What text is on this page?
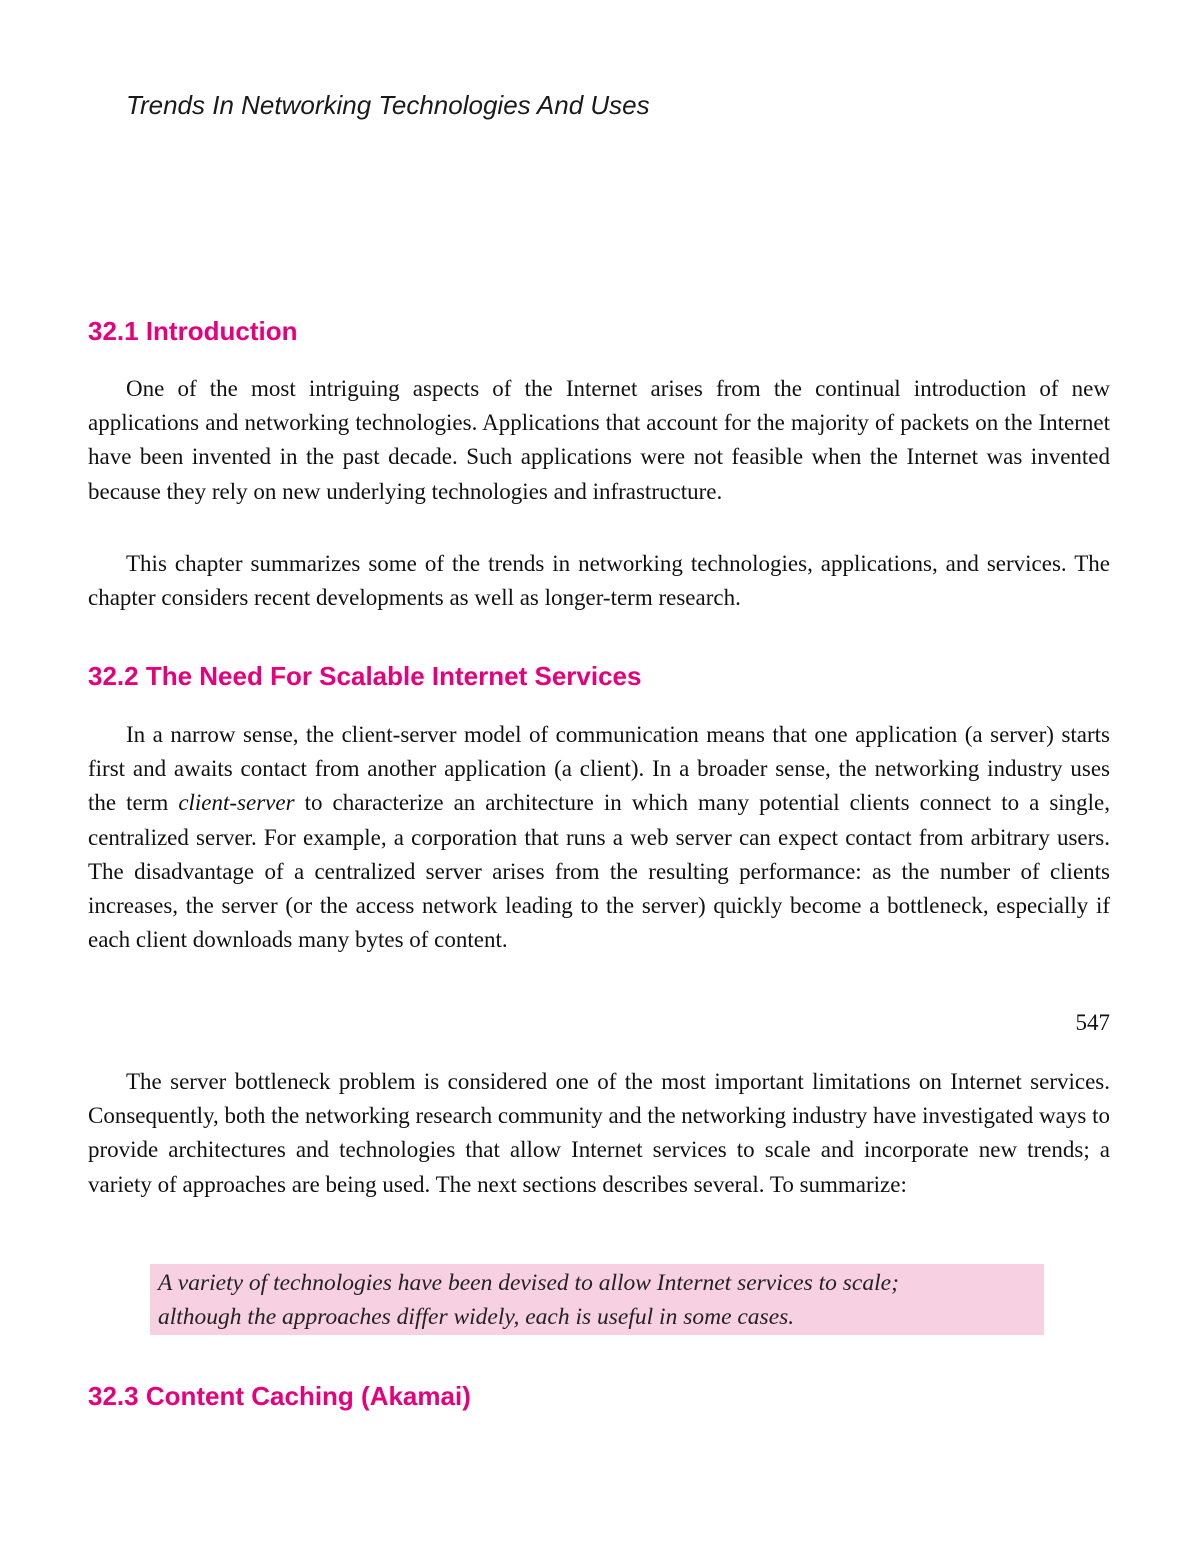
Trends In Networking Technologies And Uses
32.1 Introduction

One of the most intriguing aspects of the Internet arises from the continual introduction of new applications and networking technologies. Applications that account for the majority of packets on the Internet have been invented in the past decade. Such applications were not feasible when the Internet was invented because they rely on new underlying technologies and infrastructure.

This chapter summarizes some of the trends in networking technologies, applications, and services. The chapter considers recent developments as well as longer-term research.

32.2 The Need For Scalable Internet Services

In a narrow sense, the client-server model of communication means that one application (a server) starts first and awaits contact from another application (a client). In a broader sense, the networking industry uses the term client-server to characterize an architecture in which many potential clients connect to a single, centralized server. For example, a corporation that runs a web server can expect contact from arbitrary users. The disadvantage of a centralized server arises from the resulting performance: as the number of clients increases, the server (or the access network leading to the server) quickly become a bottleneck, especially if each client downloads many bytes of content.

547

The server bottleneck problem is considered one of the most important limitations on Internet services. Consequently, both the networking research community and the networking industry have investigated ways to provide architectures and technologies that allow Internet services to scale and incorporate new trends; a variety of approaches are being used. The next sections describes several. To summarize:

A variety of technologies have been devised to allow Internet services to scale;
although the approaches differ widely, each is useful in some cases.
32.3 Content Caching (Akamai)
